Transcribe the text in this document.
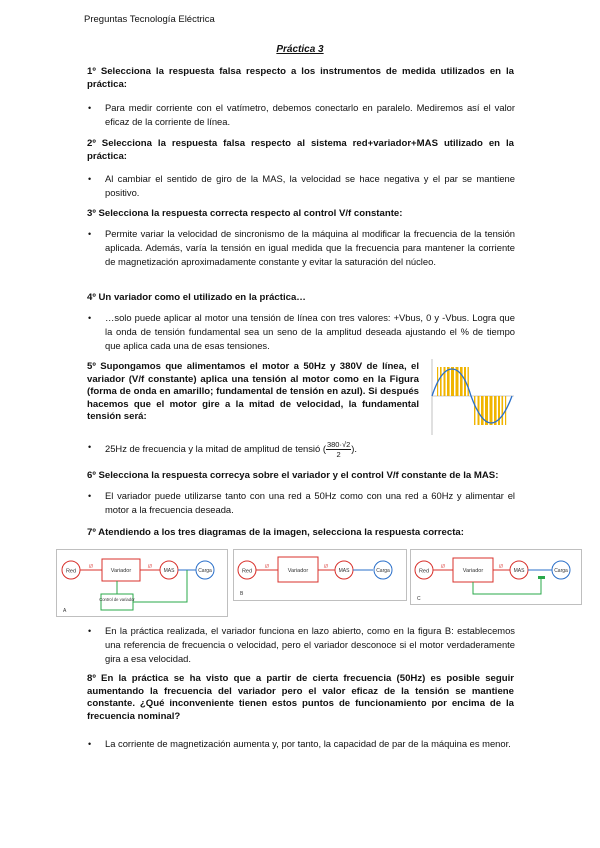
Preguntas Tecnología Eléctrica
Práctica 3
1º Selecciona la respuesta falsa respecto a los instrumentos de medida utilizados en la práctica:
• Para medir corriente con el vatímetro, debemos conectarlo en paralelo. Mediremos así el valor eficaz de la corriente de línea.
2º Selecciona la respuesta falsa respecto al sistema red+variador+MAS utilizado en la práctica:
• Al cambiar el sentido de giro de la MAS, la velocidad se hace negativa y el par se mantiene positivo.
3º Selecciona la respuesta correcta respecto al control V/f constante:
• Permite variar la velocidad de sincronismo de la máquina al modificar la frecuencia de la tensión aplicada. Además, varía la tensión en igual medida que la frecuencia para mantener la corriente de magnetización aproximadamente constante y evitar la saturación del núcleo.
4º Un variador como el utilizado en la práctica…
• …solo puede aplicar al motor una tensión de línea con tres valores: +Vbus, 0 y -Vbus. Logra que la onda de tensión fundamental sea un seno de la amplitud deseada ajustando el % de tiempo que aplica cada una de esas tensiones.
5º Supongamos que alimentamos el motor a 50Hz y 380V de línea, el variador (V/f constante) aplica una tensión al motor como en la Figura (forma de onda en amarillo; fundamental de tensión en azul). Si después hacemos que el motor gire a la mitad de velocidad, la fundamental tensión será:
• 25Hz de frecuencia y la mitad de amplitud de tensió ( $\frac{380\cdot√2}{2}$ ).
6º Selecciona la respuesta correcya sobre el variador y el control V/f constante de la MAS:
• El variador puede utilizarse tanto con una red a 50Hz como con una red a 60Hz y alimentar el motor a la frecuencia deseada.
7º Atendiendo a los tres diagramas de la imagen, selecciona la respuesta correcta:
Red
///
Variador
///
MAS	Carga
Control de variador
A
Red
///
Variador
///
MAS	Carga
B
Red
///
Variador
///
MAS	Carga
C
• En la práctica realizada, el variador funciona en lazo abierto, como en la figura B: establecemos una referencia de frecuencia o velocidad, pero el variador desconoce si el motor verdaderamente gira a esa velocidad.
8º En la práctica se ha visto que a partir de cierta frecuencia (50Hz) es posible seguir aumentando la frecuencia del variador pero el valor eficaz de la tensión se mantiene constante. ¿Qué inconveniente tienen estos puntos de funcionamiento por encima de la frecuencia nominal?
• La corriente de magnetización aumenta y, por tanto, la capacidad de par de la máquina es menor.
